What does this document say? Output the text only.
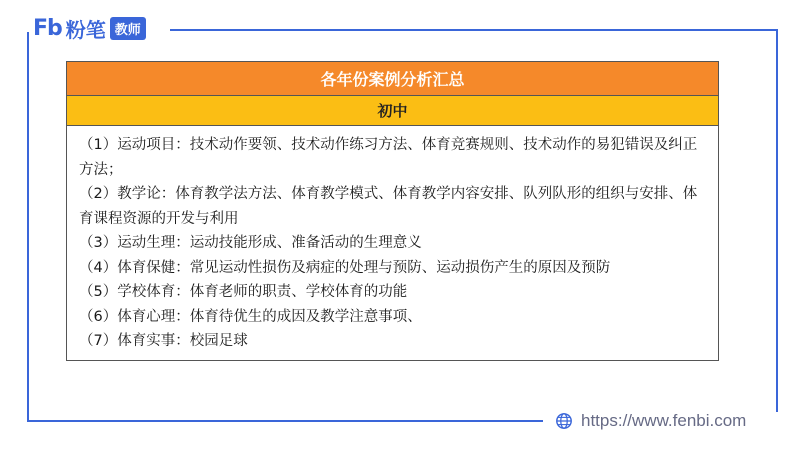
Fb 粉笔 教师
各年份案例分析汇总
初中
（1）运动项目：技术动作要领、技术动作练习方法、体育竞赛规则、技术动作的易犯错误及纠正方法；
（2）教学论：体育教学法方法、体育教学模式、体育教学内容安排、队列队形的组织与安排、体育课程资源的开发与利用
（3）运动生理：运动技能形成、准备活动的生理意义
（4）体育保健：常见运动性损伤及病症的处理与预防、运动损伤产生的原因及预防
（5）学校体育：体育老师的职责、学校体育的功能
（6）体育心理：体育待优生的成因及教学注意事项、
（7）体育实事：校园足球
https://www.fenbi.com
